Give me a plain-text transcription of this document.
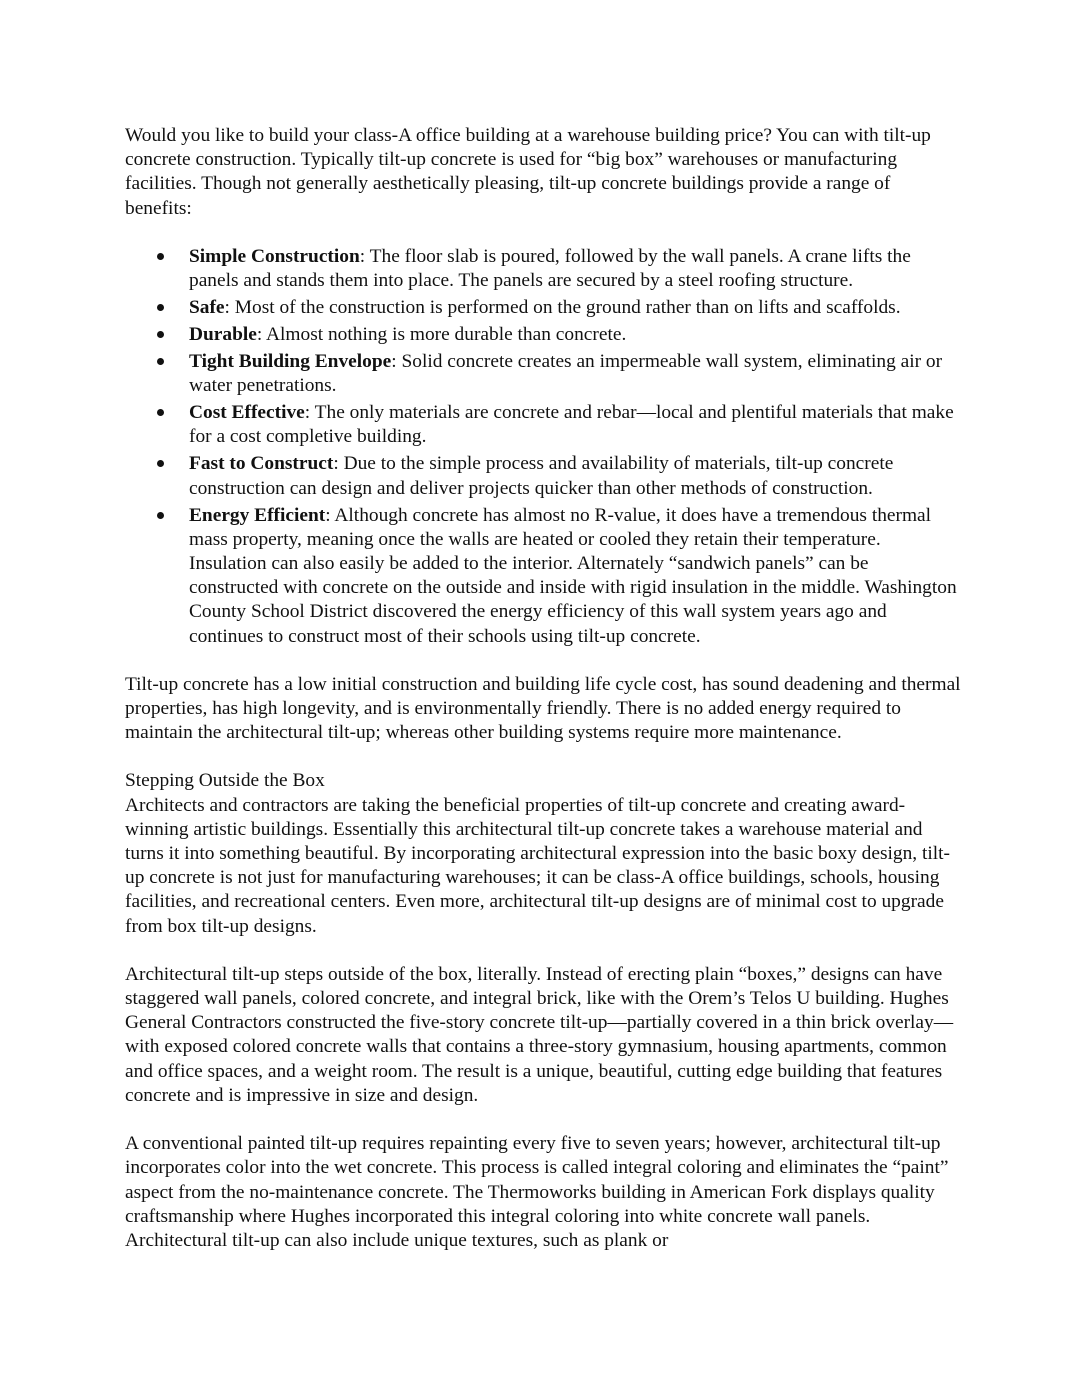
Would you like to build your class-A office building at a warehouse building price? You can with tilt-up concrete construction. Typically tilt-up concrete is used for “big box” warehouses or manufacturing facilities. Though not generally aesthetically pleasing, tilt-up concrete buildings provide a range of benefits:

Simple Construction: The floor slab is poured, followed by the wall panels. A crane lifts the panels and stands them into place. The panels are secured by a steel roofing structure.
Safe: Most of the construction is performed on the ground rather than on lifts and scaffolds.
Durable: Almost nothing is more durable than concrete.
Tight Building Envelope: Solid concrete creates an impermeable wall system, eliminating air or water penetrations.
Cost Effective: The only materials are concrete and rebar—local and plentiful materials that make for a cost completive building.
Fast to Construct: Due to the simple process and availability of materials, tilt-up concrete construction can design and deliver projects quicker than other methods of construction.
Energy Efficient: Although concrete has almost no R-value, it does have a tremendous thermal mass property, meaning once the walls are heated or cooled they retain their temperature. Insulation can also easily be added to the interior. Alternately “sandwich panels” can be constructed with concrete on the outside and inside with rigid insulation in the middle. Washington County School District discovered the energy efficiency of this wall system years ago and continues to construct most of their schools using tilt-up concrete.

Tilt-up concrete has a low initial construction and building life cycle cost, has sound deadening and thermal properties, has high longevity, and is environmentally friendly. There is no added energy required to maintain the architectural tilt-up; whereas other building systems require more maintenance.

Stepping Outside the Box

Architects and contractors are taking the beneficial properties of tilt-up concrete and creating award-winning artistic buildings. Essentially this architectural tilt-up concrete takes a warehouse material and turns it into something beautiful. By incorporating architectural expression into the basic boxy design, tilt-up concrete is not just for manufacturing warehouses; it can be class-A office buildings, schools, housing facilities, and recreational centers. Even more, architectural tilt-up designs are of minimal cost to upgrade from box tilt-up designs.

Architectural tilt-up steps outside of the box, literally. Instead of erecting plain “boxes,” designs can have staggered wall panels, colored concrete, and integral brick, like with the Orem’s Telos U building. Hughes General Contractors constructed the five-story concrete tilt-up—partially covered in a thin brick overlay—with exposed colored concrete walls that contains a three-story gymnasium, housing apartments, common and office spaces, and a weight room. The result is a unique, beautiful, cutting edge building that features concrete and is impressive in size and design.

A conventional painted tilt-up requires repainting every five to seven years; however, architectural tilt-up incorporates color into the wet concrete. This process is called integral coloring and eliminates the “paint” aspect from the no-maintenance concrete. The Thermoworks building in American Fork displays quality craftsmanship where Hughes incorporated this integral coloring into white concrete wall panels. Architectural tilt-up can also include unique textures, such as plank or
